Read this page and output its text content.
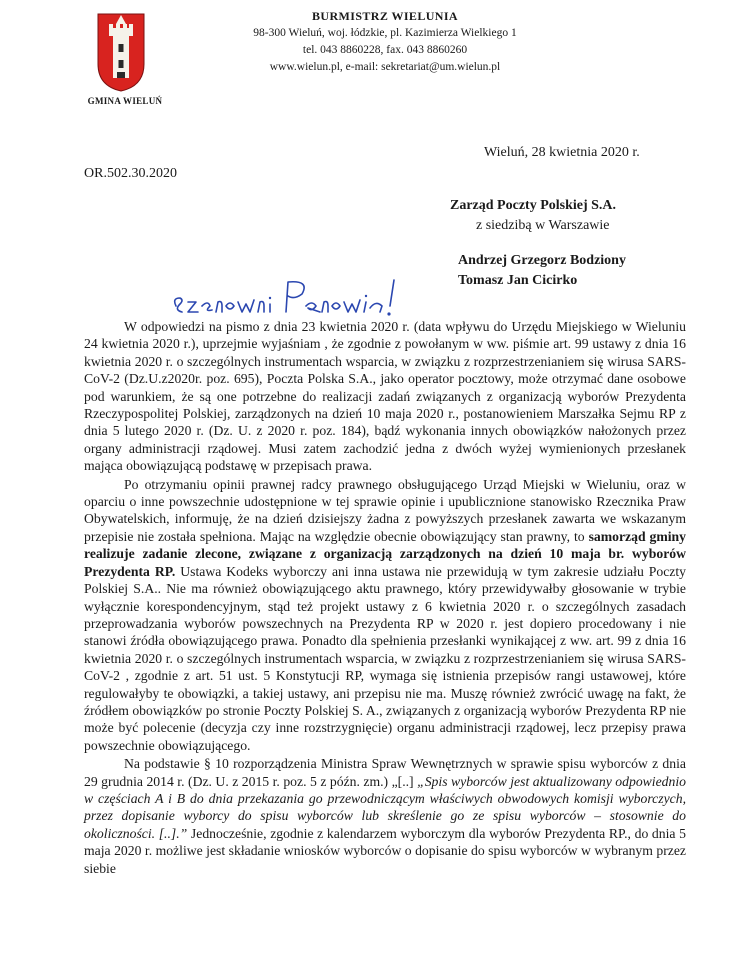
GMINA WIELUŃ
BURMISTRZ WIELUNIA
98-300 Wieluń, woj. łódzkie, pl. Kazimierza Wielkiego 1
tel. 043 8860228, fax. 043 8860260
www.wielun.pl, e-mail: sekretariat@um.wielun.pl
Wieluń, 28 kwietnia 2020 r.
OR.502.30.2020
Zarząd Poczty Polskiej S.A.
z siedzibą w Warszawie
Andrzej Grzegorz Bodziony
Tomasz Jan Cicirko

W odpowiedzi na pismo z dnia 23 kwietnia 2020 r. (data wpływu do Urzędu Miejskiego w Wieluniu 24 kwietnia 2020 r.), uprzejmie wyjaśniam , że zgodnie z powołanym w ww. piśmie art. 99 ustawy z dnia 16 kwietnia 2020 r. o szczególnych instrumentach wsparcia, w związku z rozprzestrzenianiem się wirusa SARS-CoV-2 (Dz.U.z2020r. poz. 695), Poczta Polska S.A., jako operator pocztowy, może otrzymać dane osobowe pod warunkiem, że są one potrzebne do realizacji zadań związanych z organizacją wyborów Prezydenta Rzeczypospolitej Polskiej, zarządzonych na dzień 10 maja 2020 r., postanowieniem Marszałka Sejmu RP z dnia 5 lutego 2020 r. (Dz. U. z 2020 r. poz. 184), bądź wykonania innych obowiązków nałożonych przez organy administracji rządowej. Musi zatem zachodzić jedna z dwóch wyżej wymienionych przesłanek mająca obowiązującą podstawę w przepisach prawa.

Po otrzymaniu opinii prawnej radcy prawnego obsługującego Urząd Miejski w Wieluniu, oraz w oparciu o inne powszechnie udostępnione w tej sprawie opinie i upublicznione stanowisko Rzecznika Praw Obywatelskich, informuję, że na dzień dzisiejszy żadna z powyższych przesłanek zawarta we wskazanym przepisie nie została spełniona. Mając na względzie obecnie obowiązujący stan prawny, to samorząd gminy realizuje zadanie zlecone, związane z organizacją zarządzonych na dzień 10 maja br. wyborów Prezydenta RP. Ustawa Kodeks wyborczy ani inna ustawa nie przewidują w tym zakresie udziału Poczty Polskiej S.A.. Nie ma również obowiązującego aktu prawnego, który przewidywałby głosowanie w trybie wyłącznie korespondencyjnym, stąd też projekt ustawy z 6 kwietnia 2020 r. o szczególnych zasadach przeprowadzania wyborów powszechnych na Prezydenta RP w 2020 r. jest dopiero procedowany i nie stanowi źródła obowiązującego prawa. Ponadto dla spełnienia przesłanki wynikającej z ww. art. 99 z dnia 16 kwietnia 2020 r. o szczególnych instrumentach wsparcia, w związku z rozprzestrzenianiem się wirusa SARS-CoV-2 , zgodnie z art. 51 ust. 5 Konstytucji RP, wymaga się istnienia przepisów rangi ustawowej, które regulowałyby te obowiązki, a takiej ustawy, ani przepisu nie ma. Muszę również zwrócić uwagę na fakt, że źródłem obowiązków po stronie Poczty Polskiej S. A., związanych z organizacją wyborów Prezydenta RP nie może być polecenie (decyzja czy inne rozstrzygnięcie) organu administracji rządowej, lecz przepisy prawa powszechnie obowiązującego.

Na podstawie § 10 rozporządzenia Ministra Spraw Wewnętrznych w sprawie spisu wyborców z dnia 29 grudnia 2014 r. (Dz. U. z 2015 r. poz. 5 z późn. zm.) „[..] „Spis wyborców jest aktualizowany odpowiednio w częściach A i B do dnia przekazania go przewodniczącym właściwych obwodowych komisji wyborczych, przez dopisanie wyborcy do spisu wyborców lub skreślenie go ze spisu wyborców – stosownie do okoliczności. [..].” Jednocześnie, zgodnie z kalendarzem wyborczym dla wyborów Prezydenta RP., do dnia 5 maja 2020 r. możliwe jest składanie wniosków wyborców o dopisanie do spisu wyborców w wybranym przez siebie
